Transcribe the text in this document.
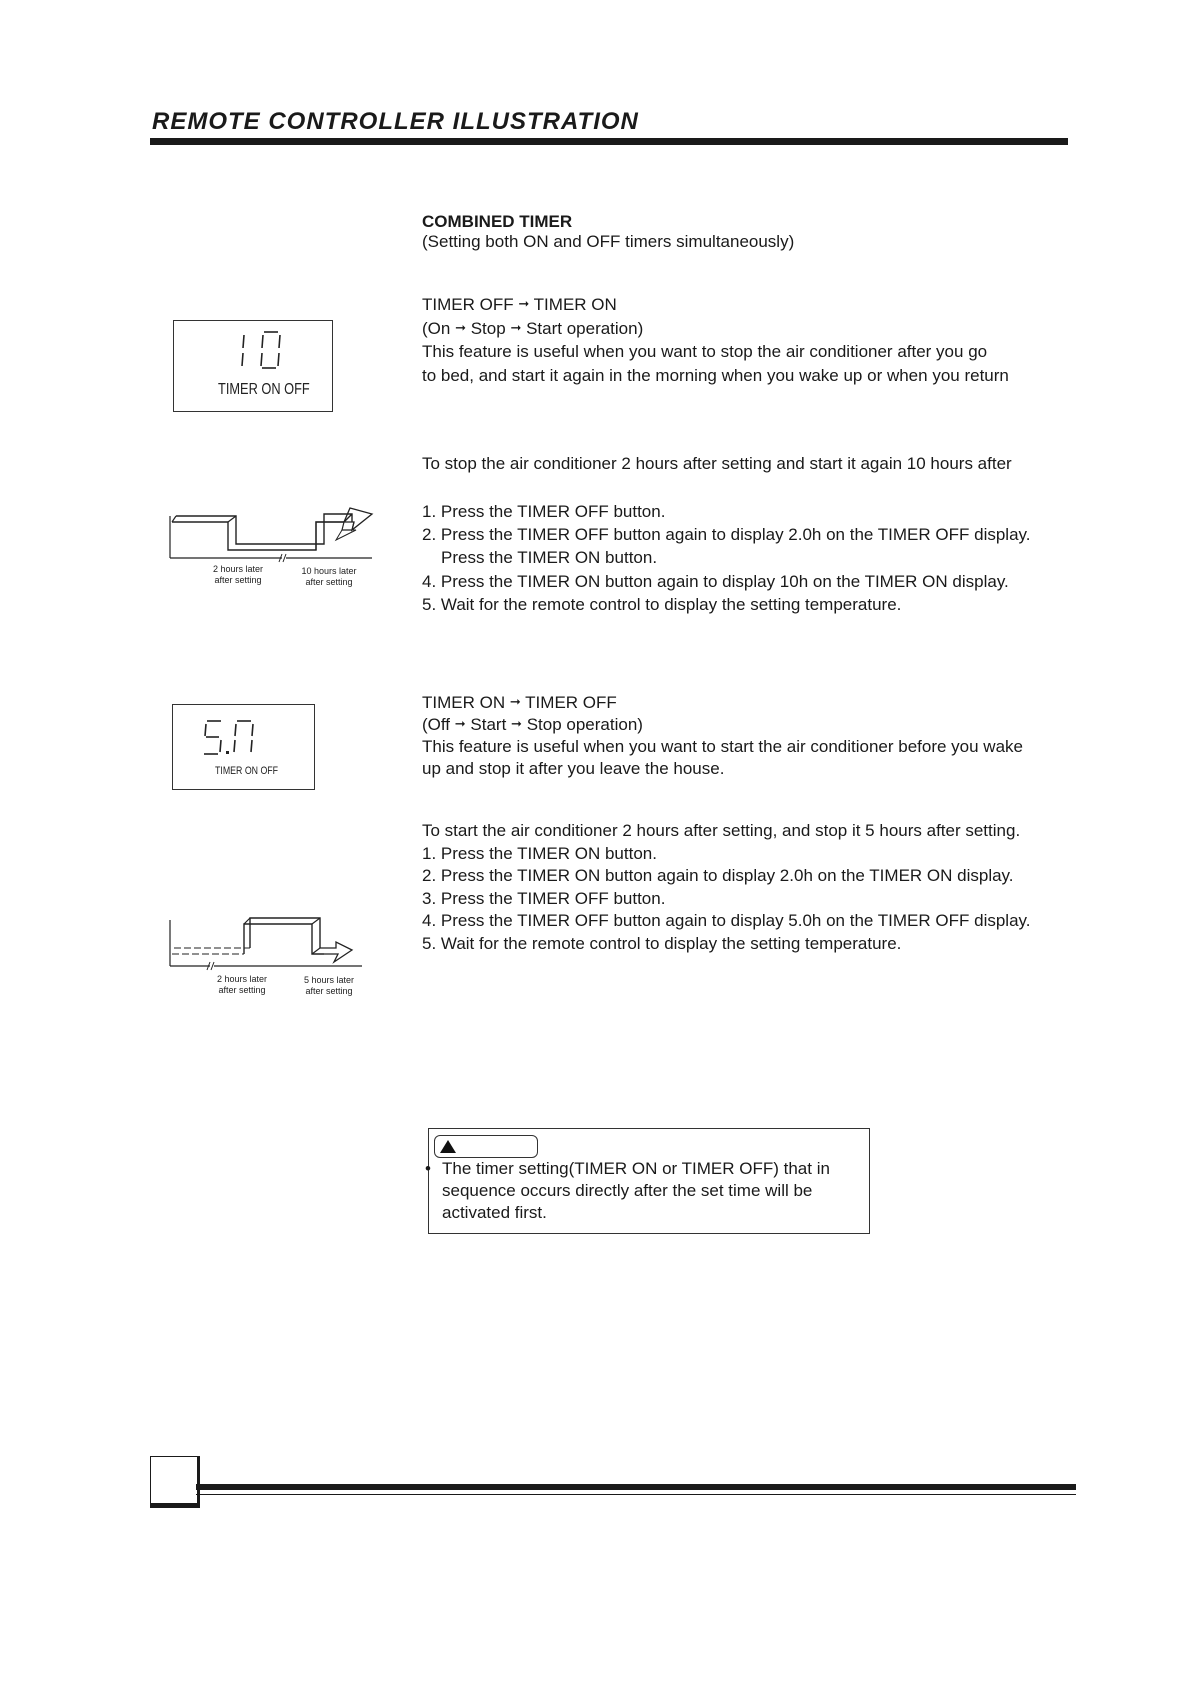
REMOTE CONTROLLER ILLUSTRATION
COMBINED TIMER
(Setting both ON and OFF timers simultaneously)
TIMER OFF ➞ TIMER ON
(On ➞ Stop ➞ Start operation)
This feature is useful when you want to stop the air conditioner after you go
to bed, and start it again in the morning when you wake up or when you return
To stop the air conditioner 2 hours after setting and start it again 10 hours after
1. Press the TIMER OFF button.
2. Press the TIMER OFF button again to display 2.0h on the TIMER OFF display.
Press the TIMER ON button.
4. Press the TIMER ON button again to display 10h on the TIMER ON display.
5. Wait for the remote control to display the setting temperature.
TIMER ON OFF
2 hours later
after setting
10 hours later
after setting
TIMER ON ➞ TIMER OFF
(Off ➞ Start ➞ Stop operation)
This feature is useful when you want to start the air conditioner before you wake
up and stop it after you leave the house.
To start the air conditioner 2 hours after setting, and stop it 5 hours after setting.
1. Press the TIMER ON button.
2. Press the TIMER ON button again to display 2.0h on the TIMER ON display.
3. Press the TIMER OFF button.
4. Press the TIMER OFF button again to display 5.0h on the TIMER OFF display.
5. Wait for the remote control to display the setting temperature.
TIMER ON OFF
2 hours later
after setting
5 hours later
after setting
• The timer setting(TIMER ON or TIMER OFF) that in
sequence occurs directly after the set time will be
activated first.
